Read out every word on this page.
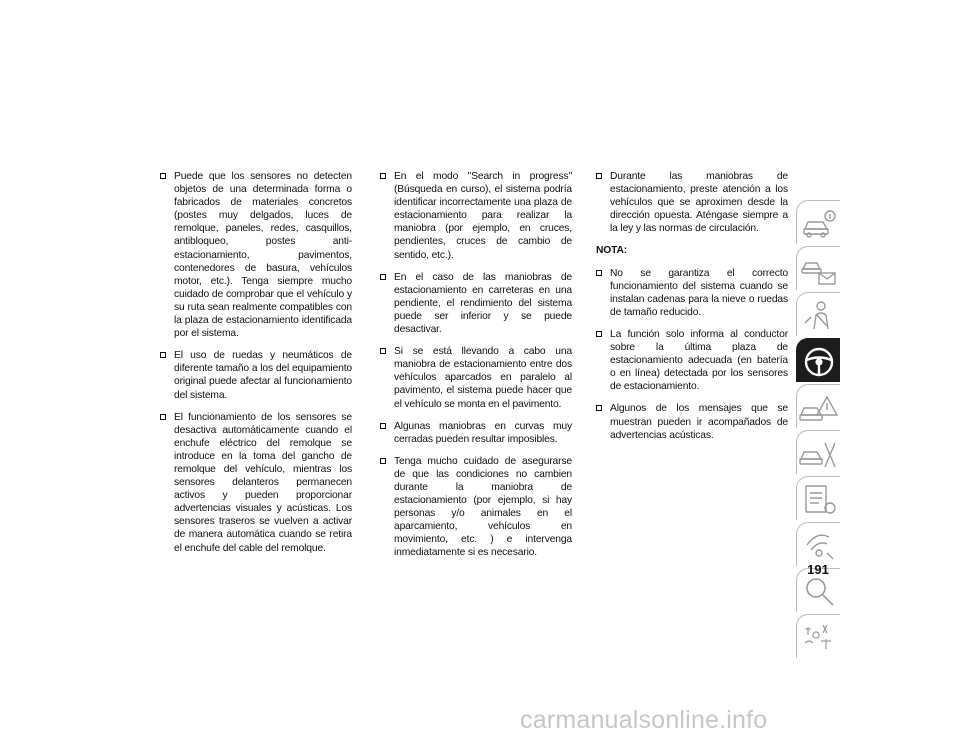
Puede que los sensores no detecten objetos de una determinada forma o fabricados de materiales concretos (postes muy delgados, luces de remolque, paneles, redes, casquillos, antibloqueo, postes anti-estacionamiento, pavimentos, contenedores de basura, vehículos motor, etc.). Tenga siempre mucho cuidado de comprobar que el vehículo y su ruta sean realmente compatibles con la plaza de estacionamiento identificada por el sistema.
El uso de ruedas y neumáticos de diferente tamaño a los del equipamiento original puede afectar al funcionamiento del sistema.
El funcionamiento de los sensores se desactiva automáticamente cuando el enchufe eléctrico del remolque se introduce en la toma del gancho de remolque del vehículo, mientras los sensores delanteros permanecen activos y pueden proporcionar advertencias visuales y acústicas. Los sensores traseros se vuelven a activar de manera automática cuando se retira el enchufe del cable del remolque.
En el modo "Search in progress" (Búsqueda en curso), el sistema podría identificar incorrectamente una plaza de estacionamiento para realizar la maniobra (por ejemplo, en cruces, pendientes, cruces de cambio de sentido, etc.).
En el caso de las maniobras de estacionamiento en carreteras en una pendiente, el rendimiento del sistema puede ser inferior y se puede desactivar.
Si se está llevando a cabo una maniobra de estacionamiento entre dos vehículos aparcados en paralelo al pavimento, el sistema puede hacer que el vehículo se monta en el pavimento.
Algunas maniobras en curvas muy cerradas pueden resultar imposibles.
Tenga mucho cuidado de asegurarse de que las condiciones no cambien durante la maniobra de estacionamiento (por ejemplo, si hay personas y/o animales en el aparcamiento, vehículos en movimiento, etc. ) e intervenga inmediatamente si es necesario.
Durante las maniobras de estacionamiento, preste atención a los vehículos que se aproximen desde la dirección opuesta. Aténgase siempre a la ley y las normas de circulación.
NOTA:
No se garantiza el correcto funcionamiento del sistema cuando se instalan cadenas para la nieve o ruedas de tamaño reducido.
La función solo informa al conductor sobre la última plaza de estacionamiento adecuada (en batería o en línea) detectada por los sensores de estacionamiento.
Algunos de los mensajes que se muestran pueden ir acompañados de advertencias acústicas.
191
carmanualsonline.info
